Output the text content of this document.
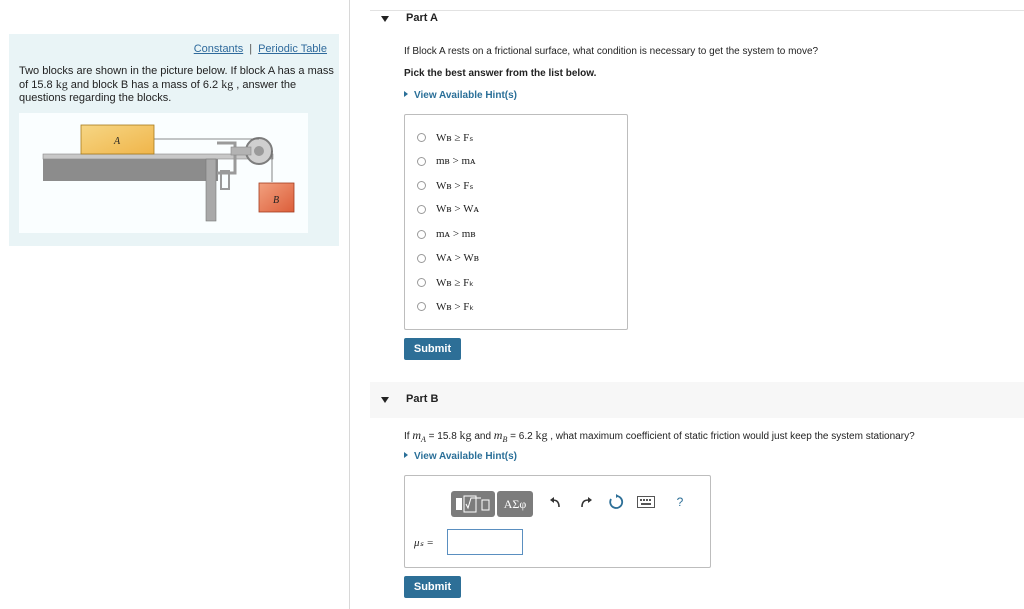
Constants | Periodic Table
Two blocks are shown in the picture below. If block A has a mass of 15.8 kg and block B has a mass of 6.2 kg , answer the questions regarding the blocks.
A
B
Part A
If Block A rests on a frictional surface, what condition is necessary to get the system to move?
Pick the best answer from the list below.
View Available Hint(s)
Wʙ ≥ Fₛ
mʙ > mᴀ
Wʙ > Fₛ
Wʙ > Wᴀ
mᴀ > mʙ
Wᴀ > Wʙ
Wʙ ≥ Fₖ
Wʙ > Fₖ
Submit
Part B
If $m_A = 15.8$ kg and $m_B = 6.2$ kg , what maximum coefficient of static friction would just keep the system stationary?
View Available Hint(s)
ΑΣφ	?
μₛ =
Submit
